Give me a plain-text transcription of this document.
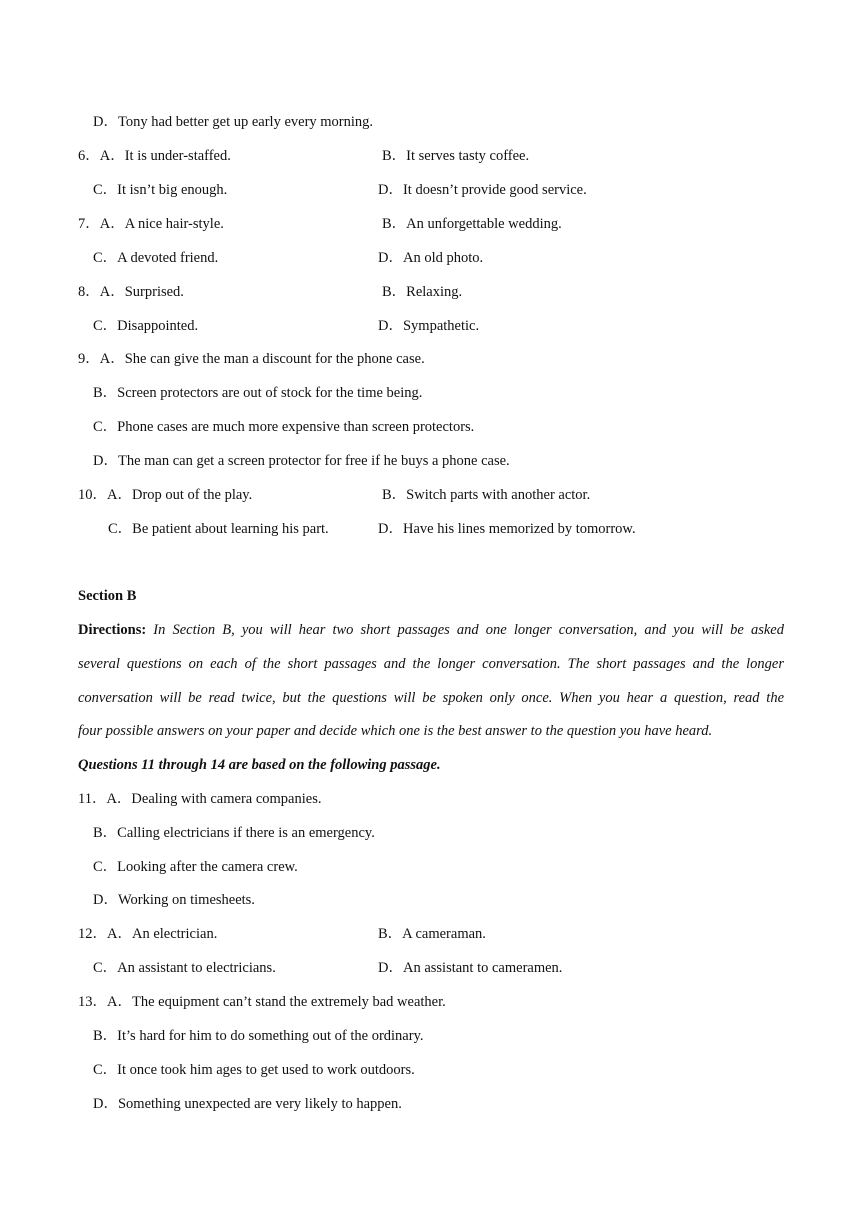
D．Tony had better get up early every morning.
6．A．It is under-staffed.	B．It serves tasty coffee.
C．It isn’t big enough.	D．It doesn’t provide good service.
7．A．A nice hair-style.	B．An unforgettable wedding.
C．A devoted friend.	D．An old photo.
8．A．Surprised.	B．Relaxing.
C．Disappointed.	D．Sympathetic.
9．A．She can give the man a discount for the phone case.
B．Screen protectors are out of stock for the time being.
C．Phone cases are much more expensive than screen protectors.
D．The man can get a screen protector for free if he buys a phone case.
10．A．Drop out of the play.	B．Switch parts with another actor.
C．Be patient about learning his part.	D．Have his lines memorized by tomorrow.
Section B
Directions: In Section B, you will hear two short passages and one longer conversation, and you will be asked
several questions on each of the short passages and the longer conversation. The short passages and the longer
conversation will be read twice, but the questions will be spoken only once. When you hear a question, read the
four possible answers on your paper and decide which one is the best answer to the question you have heard.
Questions 11 through 14 are based on the following passage.
11．A．Dealing with camera companies.
B．Calling electricians if there is an emergency.
C．Looking after the camera crew.
D．Working on timesheets.
12．A．An electrician.	B．A cameraman.
C．An assistant to electricians.	D．An assistant to cameramen.
13．A．The equipment can’t stand the extremely bad weather.
B．It’s hard for him to do something out of the ordinary.
C．It once took him ages to get used to work outdoors.
D．Something unexpected are very likely to happen.
